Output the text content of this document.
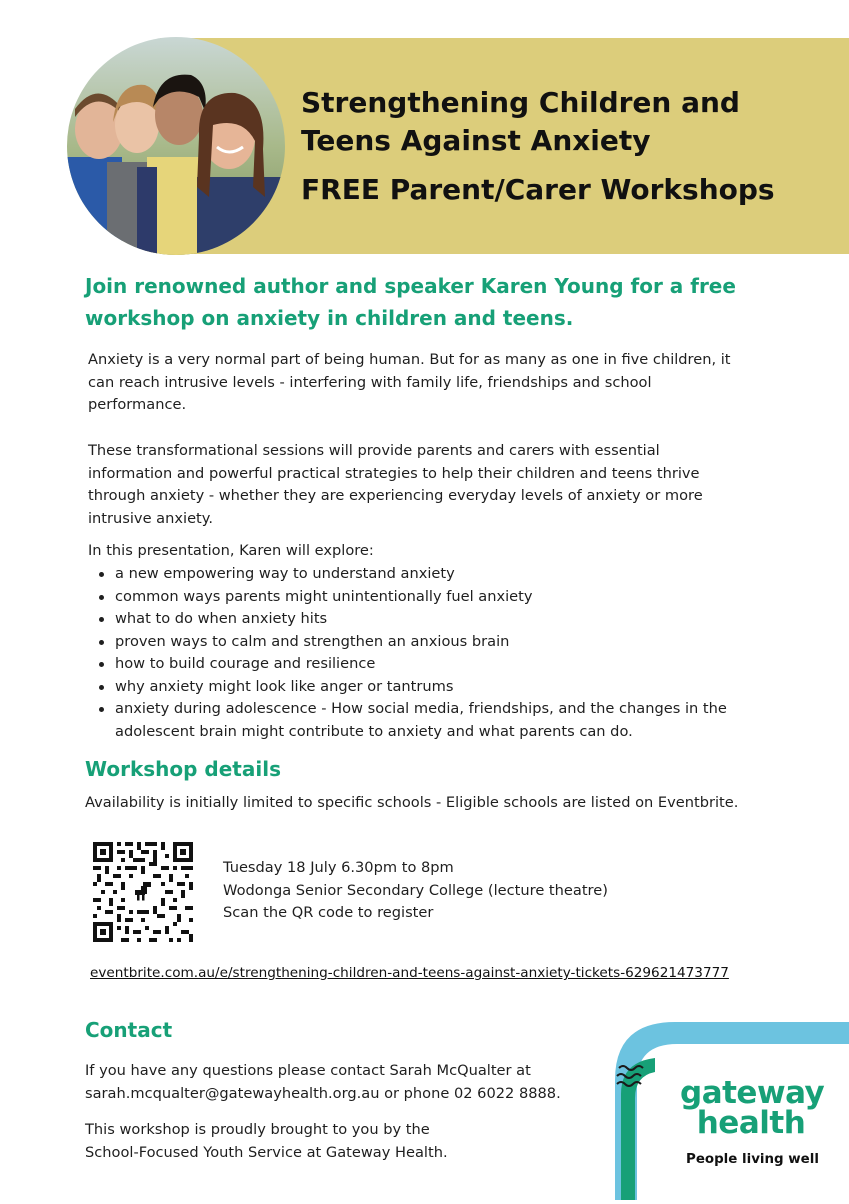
Strengthening Children and
Teens Against Anxiety
FREE Parent/Carer Workshops

Join renowned author and speaker Karen Young for a free
workshop on anxiety in children and teens.

Anxiety is a very normal part of being human. But for as many as one in five children, it
can reach intrusive levels - interfering with family life, friendships and school
performance.

These transformational sessions will provide parents and carers with essential
information and powerful practical strategies to help their children and teens thrive
through anxiety - whether they are experiencing everyday levels of anxiety or more
intrusive anxiety.

In this presentation, Karen will explore:

a new empowering way to understand anxiety
common ways parents might unintentionally fuel anxiety
what to do when anxiety hits
proven ways to calm and strengthen an anxious brain
how to build courage and resilience
why anxiety might look like anger or tantrums
anxiety during adolescence - How social media, friendships, and the changes in the
adolescent brain might contribute to anxiety and what parents can do.
Workshop details

Availability is initially limited to specific schools - Eligible schools are listed on Eventbrite.

Tuesday 18 July 6.30pm to 8pm
Wodonga Senior Secondary College (lecture theatre)
Scan the QR code to register

eventbrite.com.au/e/strengthening-children-and-teens-against-anxiety-tickets-629621473777
Contact

If you have any questions please contact Sarah McQualter at
sarah.mcqualter@gatewayhealth.org.au or phone 02 6022 8888.

This workshop is proudly brought to you by the
School-Focused Youth Service at Gateway Health.

gateway
health

People living well
